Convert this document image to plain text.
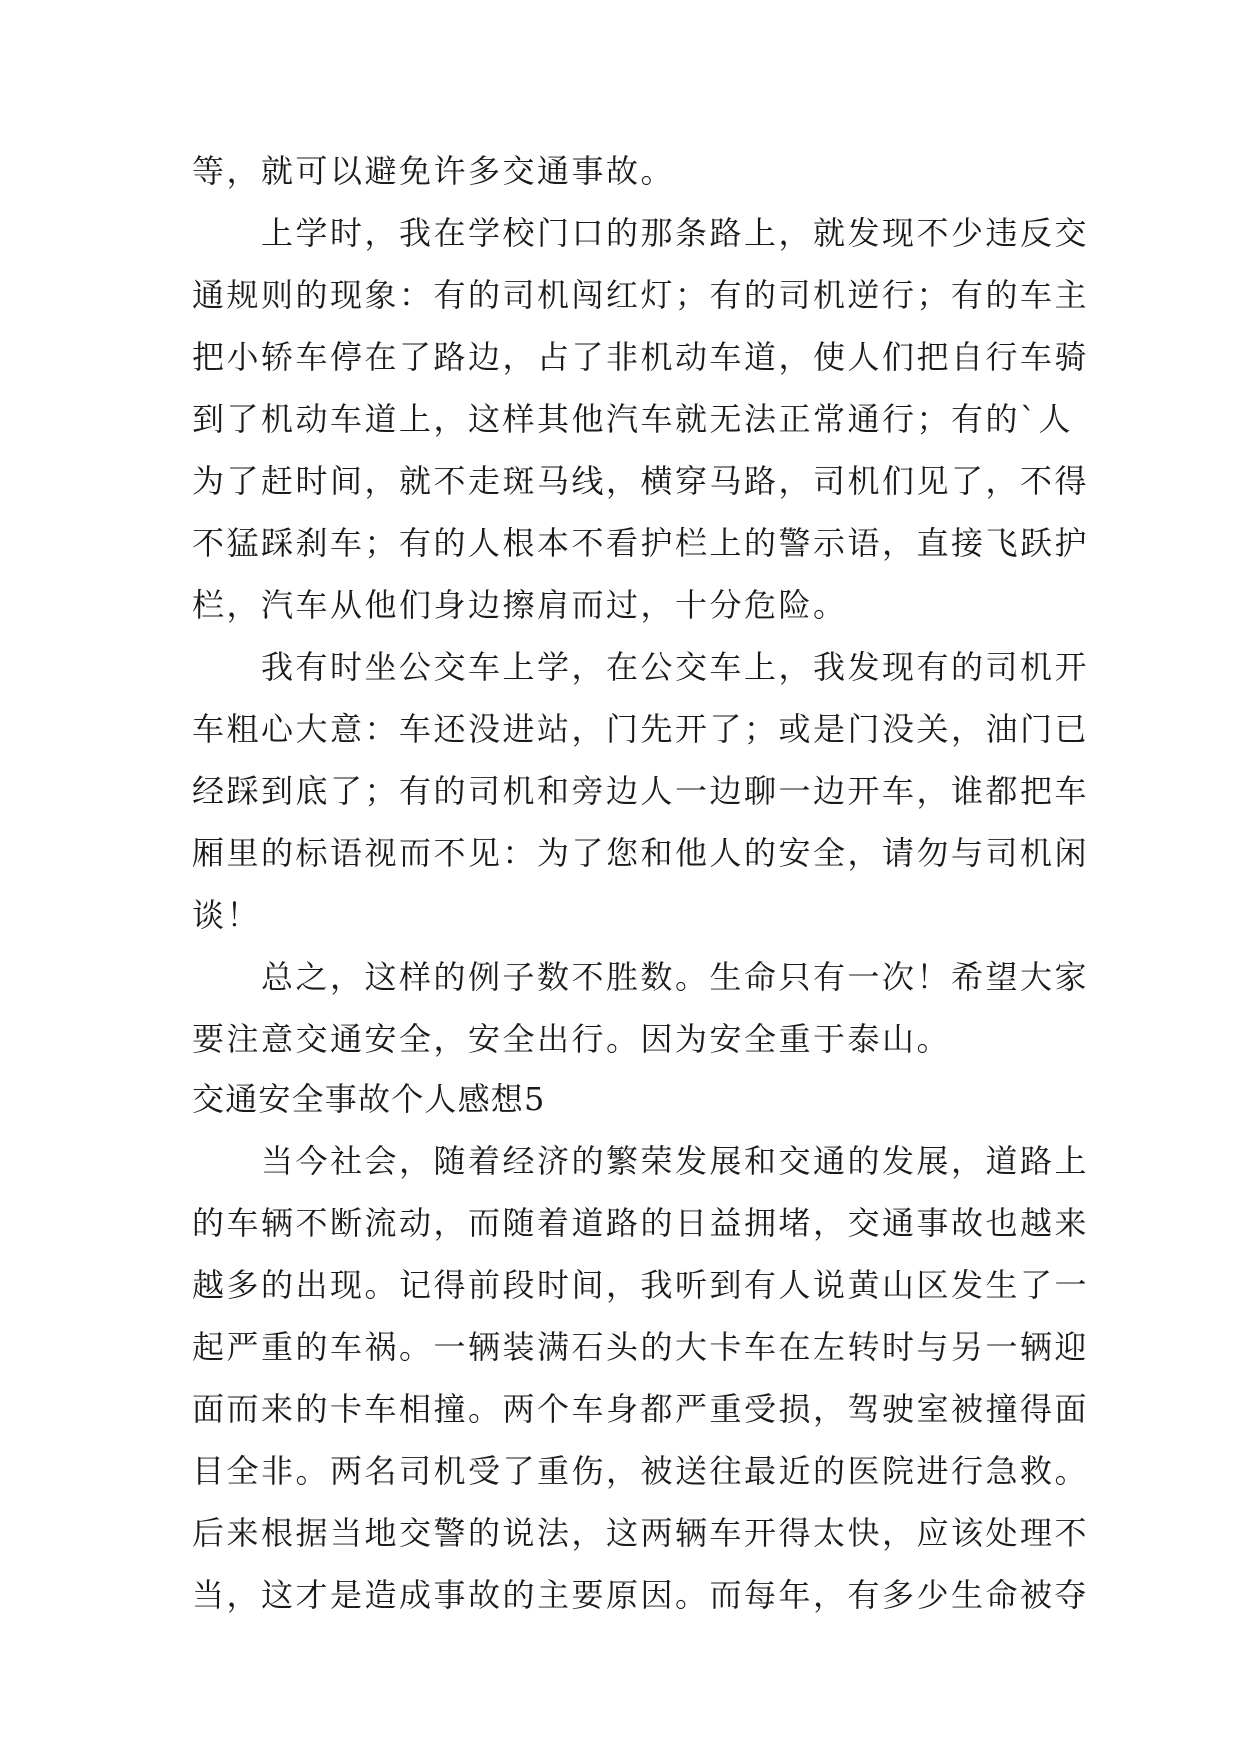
等，就可以避免许多交通事故。
　　上学时，我在学校门口的那条路上，就发现不少违反交
通规则的现象：有的司机闯红灯；有的司机逆行；有的车主
把小轿车停在了路边，占了非机动车道，使人们把自行车骑
到了机动车道上，这样其他汽车就无法正常通行；有的`人
为了赶时间，就不走斑马线，横穿马路，司机们见了，不得
不猛踩刹车；有的人根本不看护栏上的警示语，直接飞跃护
栏，汽车从他们身边擦肩而过，十分危险。
　　我有时坐公交车上学，在公交车上，我发现有的司机开
车粗心大意：车还没进站，门先开了；或是门没关，油门已
经踩到底了；有的司机和旁边人一边聊一边开车，谁都把车
厢里的标语视而不见：为了您和他人的安全，请勿与司机闲
谈！
　　总之，这样的例子数不胜数。生命只有一次！希望大家
要注意交通安全，安全出行。因为安全重于泰山。
交通安全事故个人感想5
　　当今社会，随着经济的繁荣发展和交通的发展，道路上
的车辆不断流动，而随着道路的日益拥堵，交通事故也越来
越多的出现。记得前段时间，我听到有人说黄山区发生了一
起严重的车祸。一辆装满石头的大卡车在左转时与另一辆迎
面而来的卡车相撞。两个车身都严重受损，驾驶室被撞得面
目全非。两名司机受了重伤，被送往最近的医院进行急救。
后来根据当地交警的说法，这两辆车开得太快，应该处理不
当，这才是造成事故的主要原因。而每年，有多少生命被夺
